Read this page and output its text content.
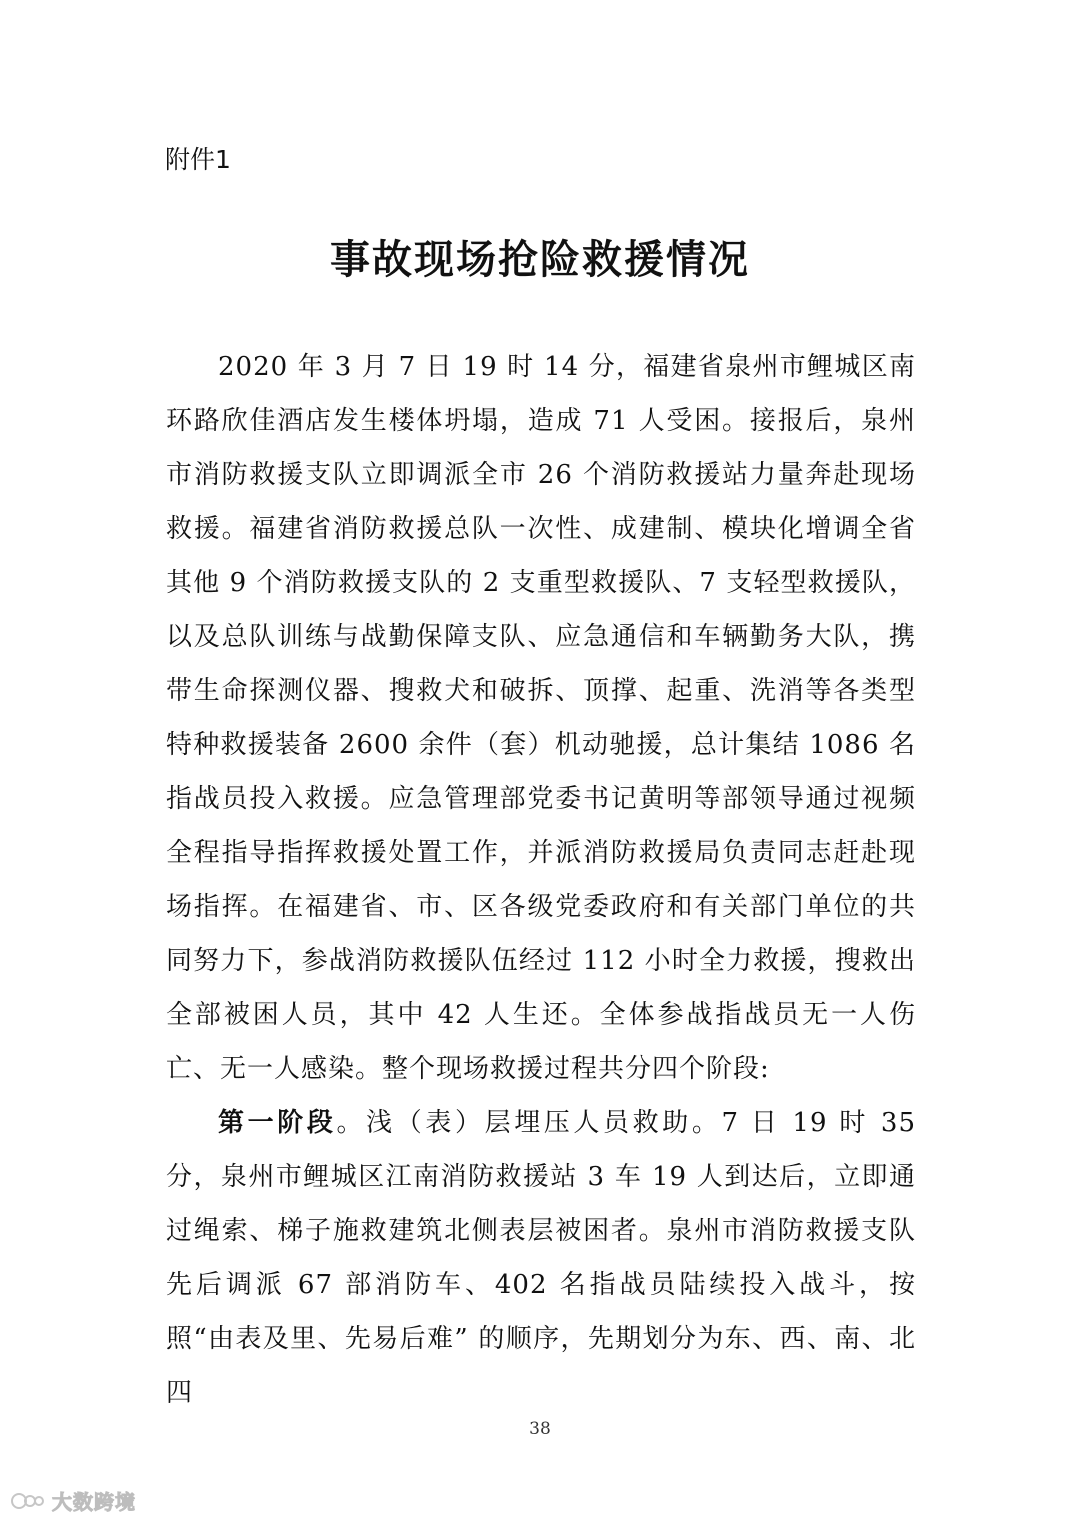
附件1
事故现场抢险救援情况

2020 年 3 月 7 日 19 时 14 分，福建省泉州市鲤城区南环路欣佳酒店发生楼体坍塌，造成 71 人受困。接报后，泉州市消防救援支队立即调派全市 26 个消防救援站力量奔赴现场救援。福建省消防救援总队一次性、成建制、模块化增调全省其他 9 个消防救援支队的 2 支重型救援队、7 支轻型救援队，以及总队训练与战勤保障支队、应急通信和车辆勤务大队，携带生命探测仪器、搜救犬和破拆、顶撑、起重、洗消等各类型特种救援装备 2600 余件（套）机动驰援，总计集结 1086 名指战员投入救援。应急管理部党委书记黄明等部领导通过视频全程指导指挥救援处置工作，并派消防救援局负责同志赶赴现场指挥。在福建省、市、区各级党委政府和有关部门单位的共同努力下，参战消防救援队伍经过 112 小时全力救援，搜救出全部被困人员，其中 42 人生还。全体参战指战员无一人伤亡、无一人感染。整个现场救援过程共分四个阶段:

第一阶段。浅（表）层埋压人员救助。7 日 19 时 35 分，泉州市鲤城区江南消防救援站 3 车 19 人到达后，立即通过绳索、梯子施救建筑北侧表层被困者。泉州市消防救援支队先后调派 67 部消防车、402 名指战员陆续投入战斗，按照“由表及里、先易后难” 的顺序，先期划分为东、西、南、北四

38
大数跨境
